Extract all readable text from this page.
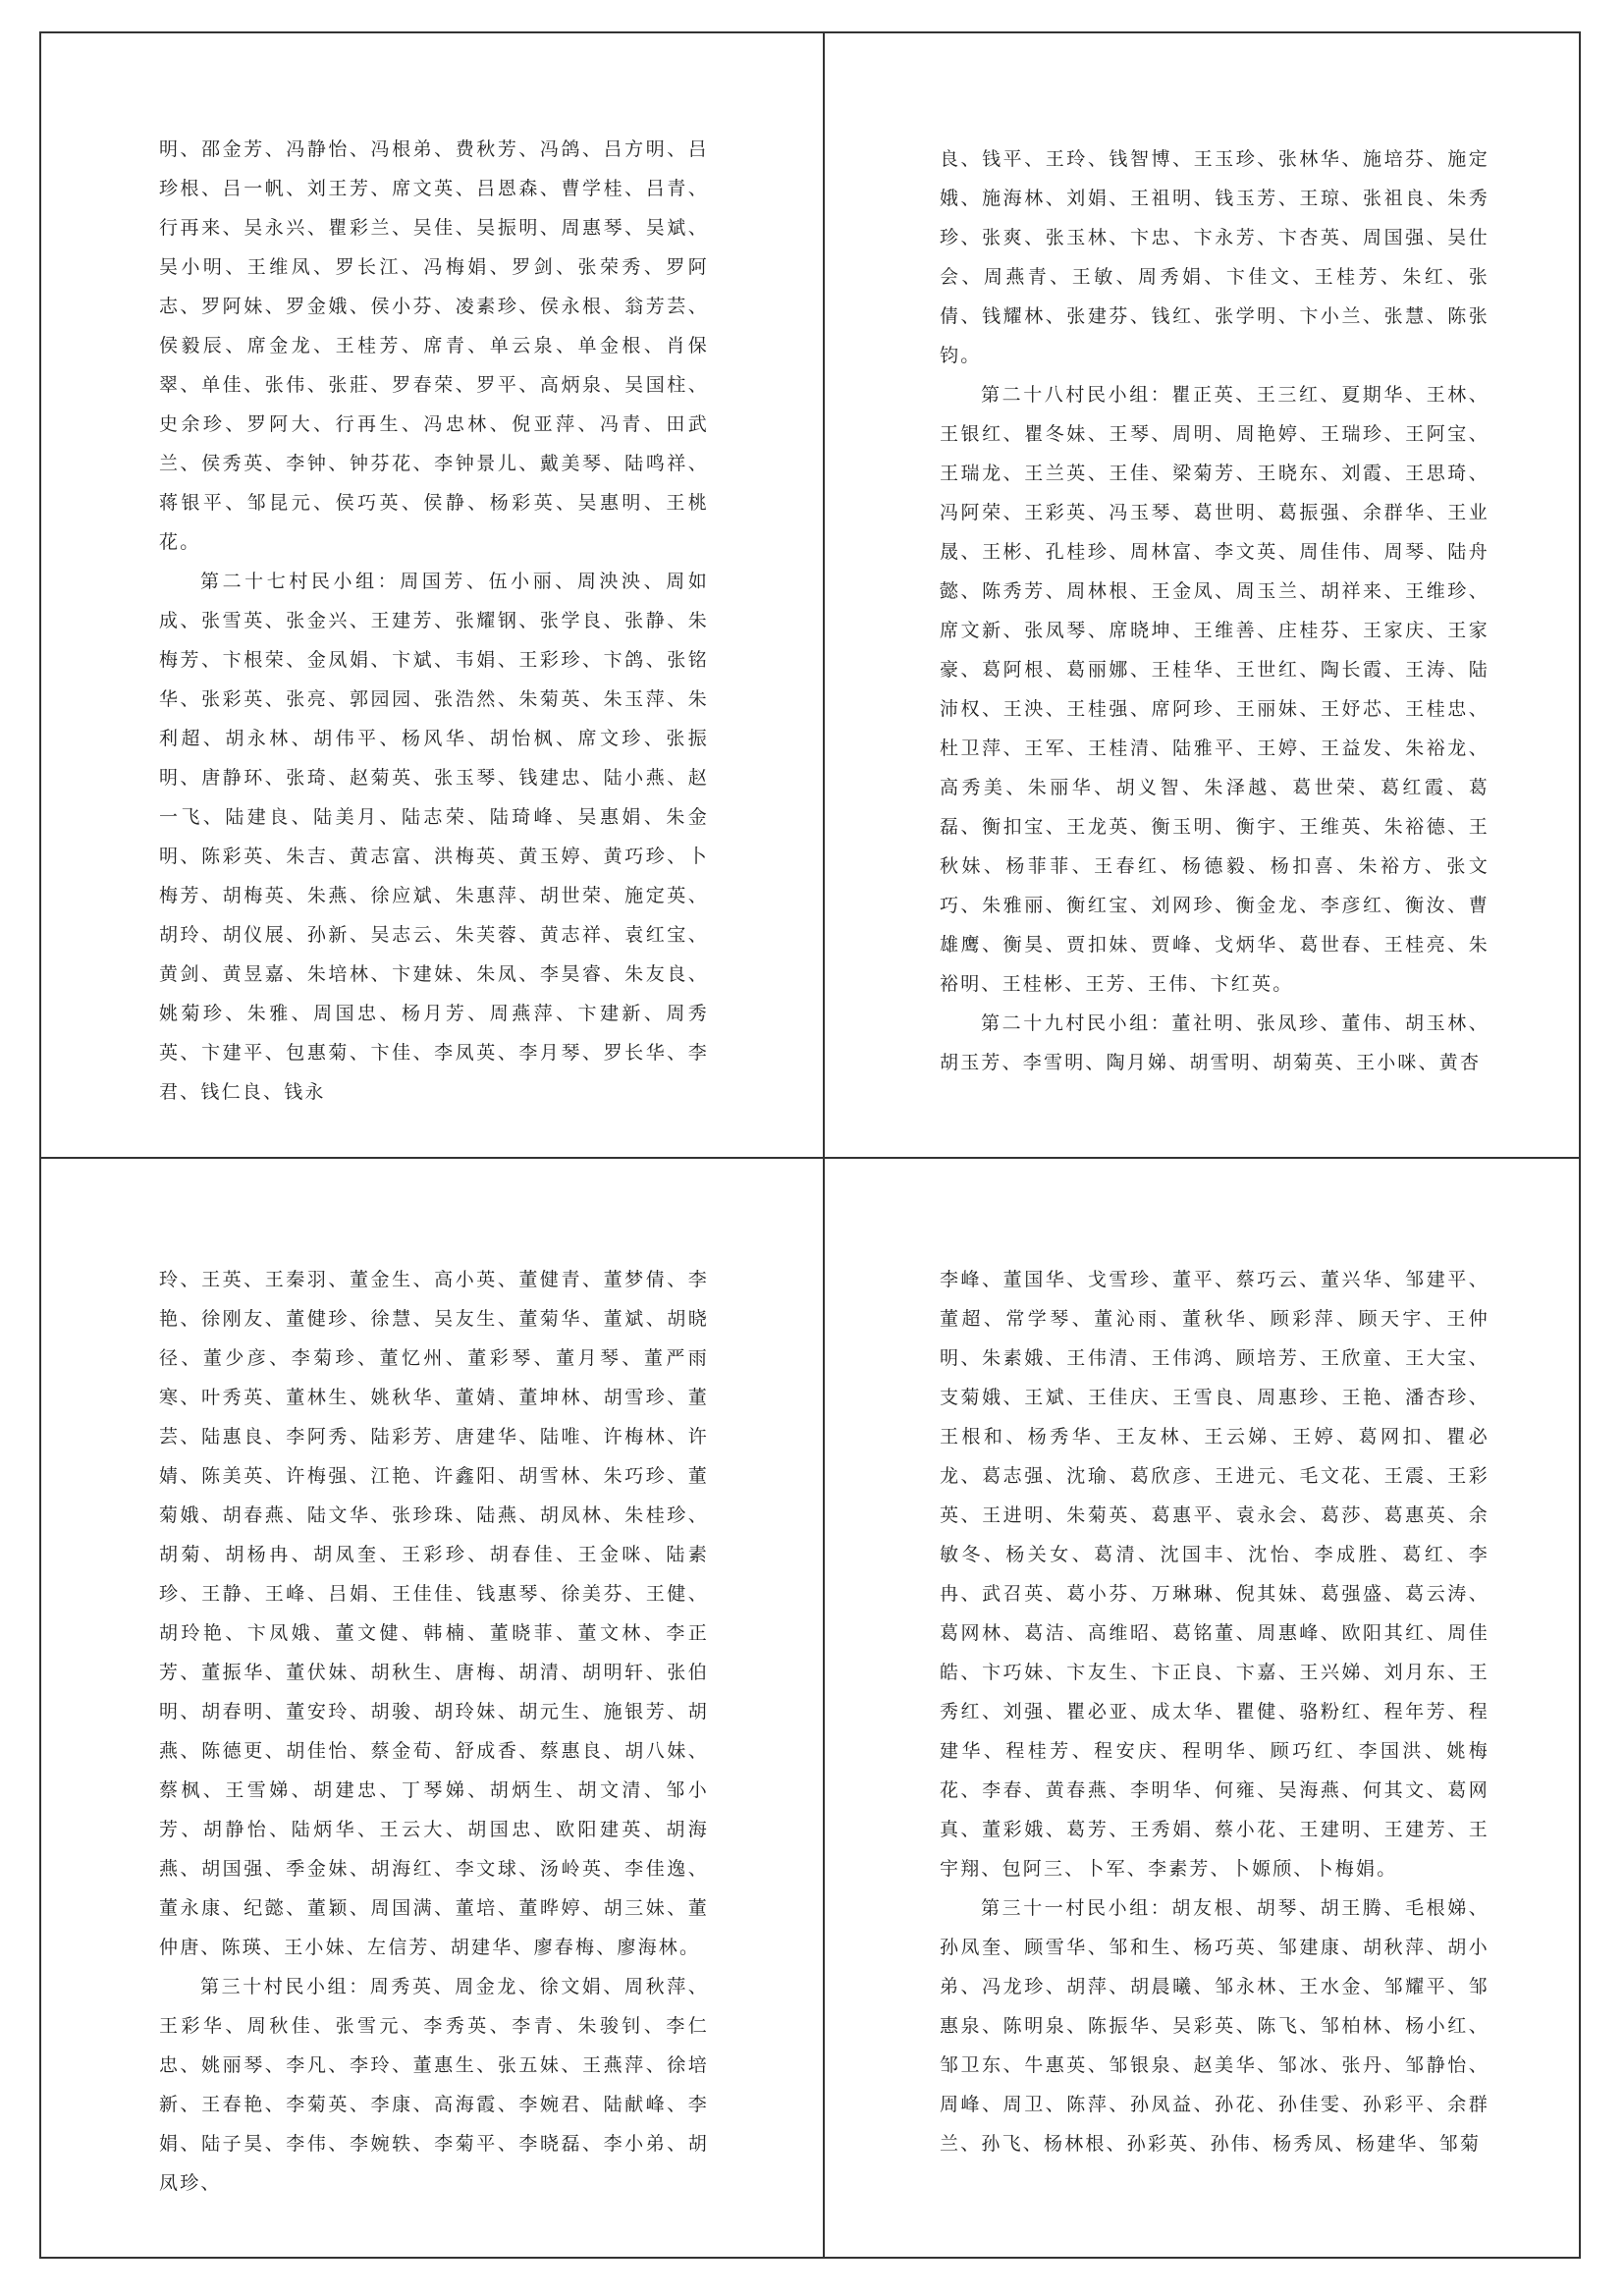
明、邵金芳、冯静怡、冯根弟、费秋芳、冯鸽、吕方明、吕珍根、吕一帆、刘王芳、席文英、吕恩森、曹学桂、吕青、行再来、吴永兴、瞿彩兰、吴佳、吴振明、周惠琴、吴斌、吴小明、王维凤、罗长江、冯梅娟、罗剑、张荣秀、罗阿志、罗阿妹、罗金娥、侯小芬、凌素珍、侯永根、翁芳芸、侯毅辰、席金龙、王桂芳、席青、单云泉、单金根、肖保翠、单佳、张伟、张莊、罗春荣、罗平、高炳泉、吴国柱、史余珍、罗阿大、行再生、冯忠林、倪亚萍、冯青、田武兰、侯秀英、李钟、钟芬花、李钟景儿、戴美琴、陆鸣祥、蒋银平、邹昆元、侯巧英、侯静、杨彩英、吴惠明、王桃花。

第二十七村民小组：周国芳、伍小丽、周泱泱、周如成、张雪英、张金兴、王建芳、张耀钢、张学良、张静、朱梅芳、卞根荣、金凤娟、卞斌、韦娟、王彩珍、卞鸽、张铭华、张彩英、张亮、郭园园、张浩然、朱菊英、朱玉萍、朱利超、胡永林、胡伟平、杨风华、胡怡枫、席文珍、张振明、唐静环、张琦、赵菊英、张玉琴、钱建忠、陆小燕、赵一飞、陆建良、陆美月、陆志荣、陆琦峰、吴惠娟、朱金明、陈彩英、朱吉、黄志富、洪梅英、黄玉婷、黄巧珍、卜梅芳、胡梅英、朱燕、徐应斌、朱惠萍、胡世荣、施定英、胡玲、胡仪展、孙新、吴志云、朱芙蓉、黄志祥、袁红宝、黄剑、黄昱嘉、朱培林、卞建妹、朱凤、李昊睿、朱友良、姚菊珍、朱雅、周国忠、杨月芳、周燕萍、卞建新、周秀英、卞建平、包惠菊、卞佳、李凤英、李月琴、罗长华、李君、钱仁良、钱永

良、钱平、王玲、钱智博、王玉珍、张林华、施培芬、施定娥、施海林、刘娟、王祖明、钱玉芳、王琼、张祖良、朱秀珍、张爽、张玉林、卞忠、卞永芳、卞杏英、周国强、吴仕会、周燕青、王敏、周秀娟、卞佳文、王桂芳、朱红、张倩、钱耀林、张建芬、钱红、张学明、卞小兰、张慧、陈张钧。

第二十八村民小组：瞿正英、王三红、夏期华、王林、王银红、瞿冬妹、王琴、周明、周艳婷、王瑞珍、王阿宝、王瑞龙、王兰英、王佳、梁菊芳、王晓东、刘霞、王思琦、冯阿荣、王彩英、冯玉琴、葛世明、葛振强、余群华、王业晟、王彬、孔桂珍、周林富、李文英、周佳伟、周琴、陆舟懿、陈秀芳、周林根、王金凤、周玉兰、胡祥来、王维珍、席文新、张凤琴、席晓坤、王维善、庄桂芬、王家庆、王家豪、葛阿根、葛丽娜、王桂华、王世红、陶长霞、王涛、陆沛权、王泱、王桂强、席阿珍、王丽妹、王妤芯、王桂忠、杜卫萍、王军、王桂清、陆雅平、王婷、王益发、朱裕龙、高秀美、朱丽华、胡义智、朱泽越、葛世荣、葛红霞、葛磊、衡扣宝、王龙英、衡玉明、衡宇、王维英、朱裕德、王秋妹、杨菲菲、王春红、杨德毅、杨扣喜、朱裕方、张文巧、朱雅丽、衡红宝、刘网珍、衡金龙、李彦红、衡汝、曹雄鹰、衡昊、贾扣妹、贾峰、戈炳华、葛世春、王桂亮、朱裕明、王桂彬、王芳、王伟、卞红英。

第二十九村民小组：董社明、张凤珍、董伟、胡玉林、胡玉芳、李雪明、陶月娣、胡雪明、胡菊英、王小咪、黄杏

玲、王英、王秦羽、董金生、高小英、董健青、董梦倩、李艳、徐刚友、董健珍、徐慧、吴友生、董菊华、董斌、胡晓径、董少彦、李菊珍、董忆州、董彩琴、董月琴、董严雨寒、叶秀英、董林生、姚秋华、董婧、董坤林、胡雪珍、董芸、陆惠良、李阿秀、陆彩芳、唐建华、陆唯、许梅林、许婧、陈美英、许梅强、江艳、许鑫阳、胡雪林、朱巧珍、董菊娥、胡春燕、陆文华、张珍珠、陆燕、胡凤林、朱桂珍、胡菊、胡杨冉、胡凤奎、王彩珍、胡春佳、王金咪、陆素珍、王静、王峰、吕娟、王佳佳、钱惠琴、徐美芬、王健、胡玲艳、卞凤娥、董文健、韩楠、董晓菲、董文林、李正芳、董振华、董伏妹、胡秋生、唐梅、胡清、胡明轩、张伯明、胡春明、董安玲、胡骏、胡玲妹、胡元生、施银芳、胡燕、陈德更、胡佳怡、蔡金荀、舒成香、蔡惠良、胡八妹、蔡枫、王雪娣、胡建忠、丁琴娣、胡炳生、胡文清、邹小芳、胡静怡、陆炳华、王云大、胡国忠、欧阳建英、胡海燕、胡国强、季金妹、胡海红、李文球、汤岭英、李佳逸、董永康、纪懿、董颖、周国满、董培、董晔婷、胡三妹、董仲唐、陈瑛、王小妹、左信芳、胡建华、廖春梅、廖海林。

第三十村民小组：周秀英、周金龙、徐文娟、周秋萍、王彩华、周秋佳、张雪元、李秀英、李青、朱骏钊、李仁忠、姚丽琴、李凡、李玲、董惠生、张五妹、王燕萍、徐培新、王春艳、李菊英、李康、高海霞、李婉君、陆献峰、李娟、陆子昊、李伟、李婉轶、李菊平、李晓磊、李小弟、胡凤珍、

李峰、董国华、戈雪珍、董平、蔡巧云、董兴华、邹建平、董超、常学琴、董沁雨、董秋华、顾彩萍、顾天宇、王仲明、朱素娥、王伟清、王伟鸿、顾培芳、王欣童、王大宝、支菊娥、王斌、王佳庆、王雪良、周惠珍、王艳、潘杏珍、王根和、杨秀华、王友林、王云娣、王婷、葛网扣、瞿必龙、葛志强、沈瑜、葛欣彦、王进元、毛文花、王震、王彩英、王进明、朱菊英、葛惠平、袁永会、葛莎、葛惠英、余敏冬、杨关女、葛清、沈国丰、沈怡、李成胜、葛红、李冉、武召英、葛小芬、万琳琳、倪其妹、葛强盛、葛云涛、葛网林、葛洁、高维昭、葛铭董、周惠峰、欧阳其红、周佳皓、卞巧妹、卞友生、卞正良、卞嘉、王兴娣、刘月东、王秀红、刘强、瞿必亚、成太华、瞿健、骆粉红、程年芳、程建华、程桂芳、程安庆、程明华、顾巧红、李国洪、姚梅花、李春、黄春燕、李明华、何雍、吴海燕、何其文、葛网真、董彩娥、葛芳、王秀娟、蔡小花、王建明、王建芳、王宇翔、包阿三、卜军、李素芳、卜嫄颀、卜梅娟。

第三十一村民小组：胡友根、胡琴、胡王腾、毛根娣、孙凤奎、顾雪华、邹和生、杨巧英、邹建康、胡秋萍、胡小弟、冯龙珍、胡萍、胡晨曦、邹永林、王水金、邹耀平、邹惠泉、陈明泉、陈振华、吴彩英、陈飞、邹柏林、杨小红、邹卫东、牛惠英、邹银泉、赵美华、邹冰、张丹、邹静怡、周峰、周卫、陈萍、孙凤益、孙花、孙佳雯、孙彩平、余群兰、孙飞、杨林根、孙彩英、孙伟、杨秀凤、杨建华、邹菊
